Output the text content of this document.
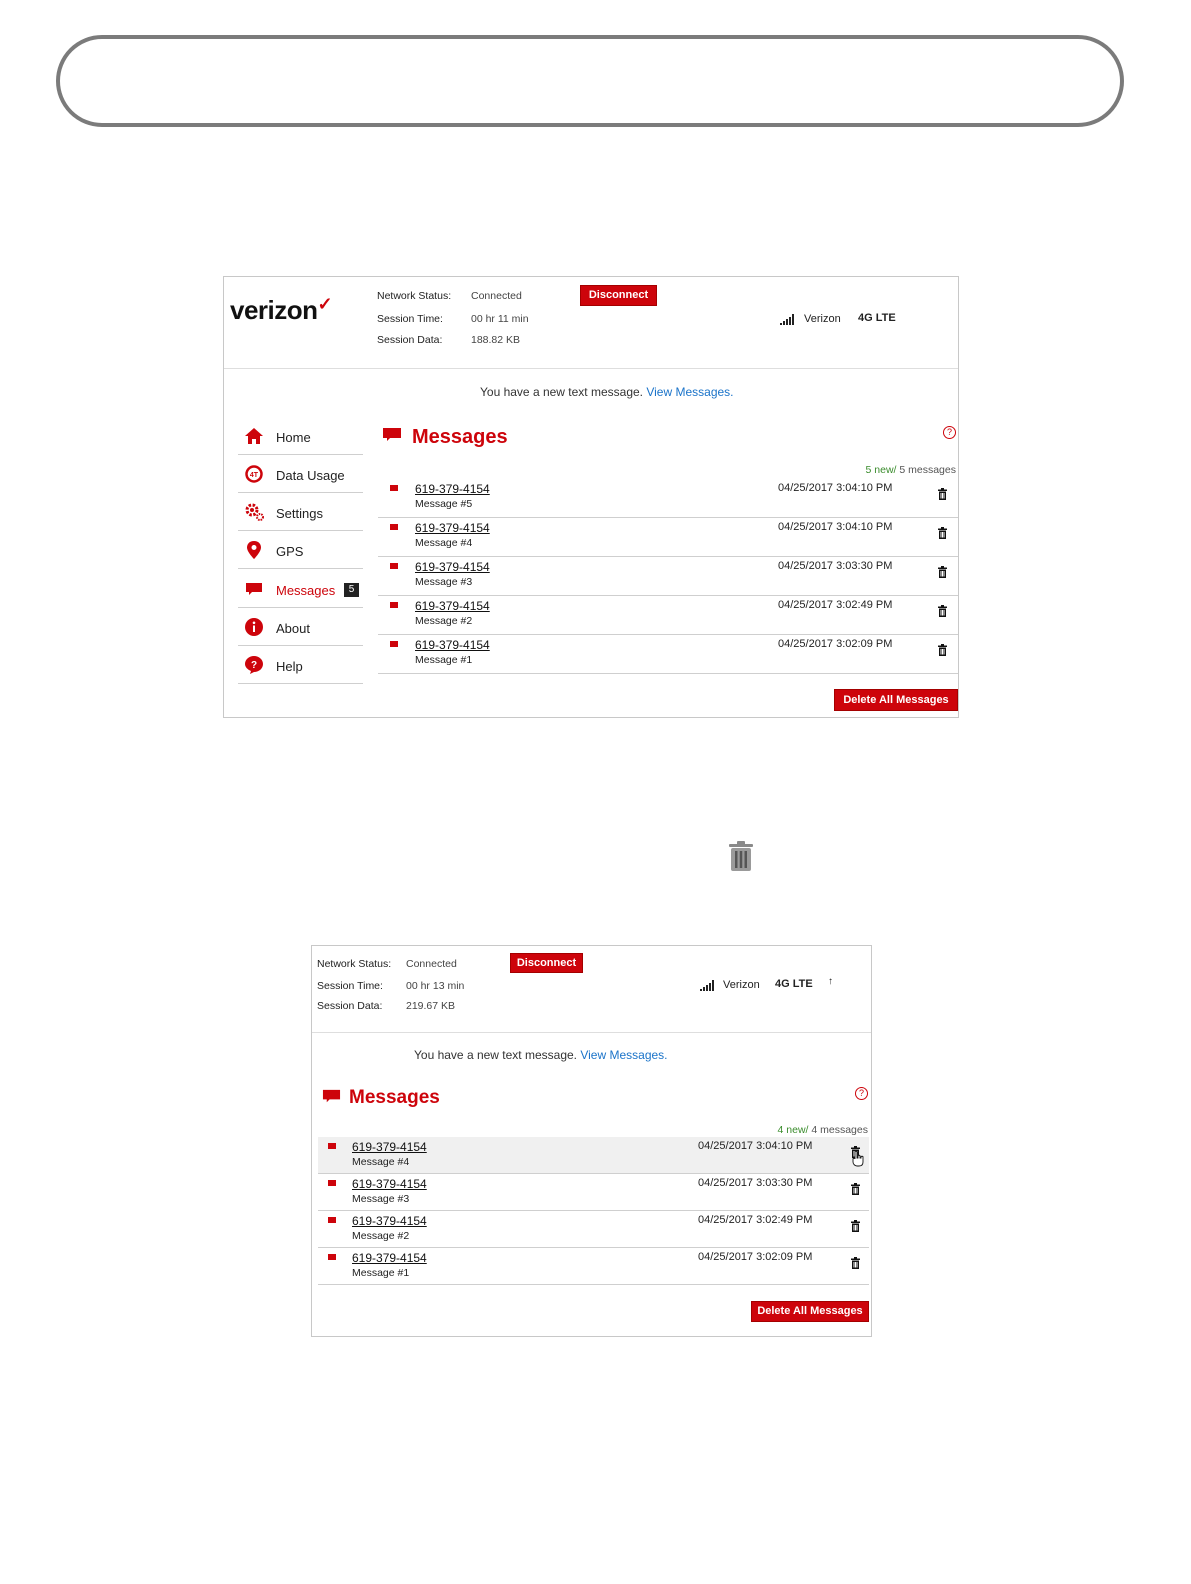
verizon✓	Network Status: Connected
Session Time:	00 hr 11 min
Session Data:	188.82 KB
Disconnect
Verizon 4G LTE
You have a new text message. View Messages.
Home
4T Data Usage
Settings
GPS
Messages	5
About
? Help
Messages	?
5 new/ 5 messages
619-379-4154
Message #5
04/25/2017 3:04:10 PM
619-379-4154
Message #4
04/25/2017 3:04:10 PM
619-379-4154
Message #3
04/25/2017 3:03:30 PM
619-379-4154
Message #2
04/25/2017 3:02:49 PM
619-379-4154
Message #1
04/25/2017 3:02:09 PM
Delete All Messages
Network Status: Connected
Session Time: 00 hr 13 min
Session Data: 219.67 KB
Disconnect
Verizon 4G LTE ↑
You have a new text message. View Messages.
Messages	?
4 new/ 4 messages
619-379-4154
Message #4
04/25/2017 3:04:10 PM
619-379-4154
Message #3
04/25/2017 3:03:30 PM
619-379-4154
Message #2
04/25/2017 3:02:49 PM
619-379-4154
Message #1
04/25/2017 3:02:09 PM
Delete All Messages
